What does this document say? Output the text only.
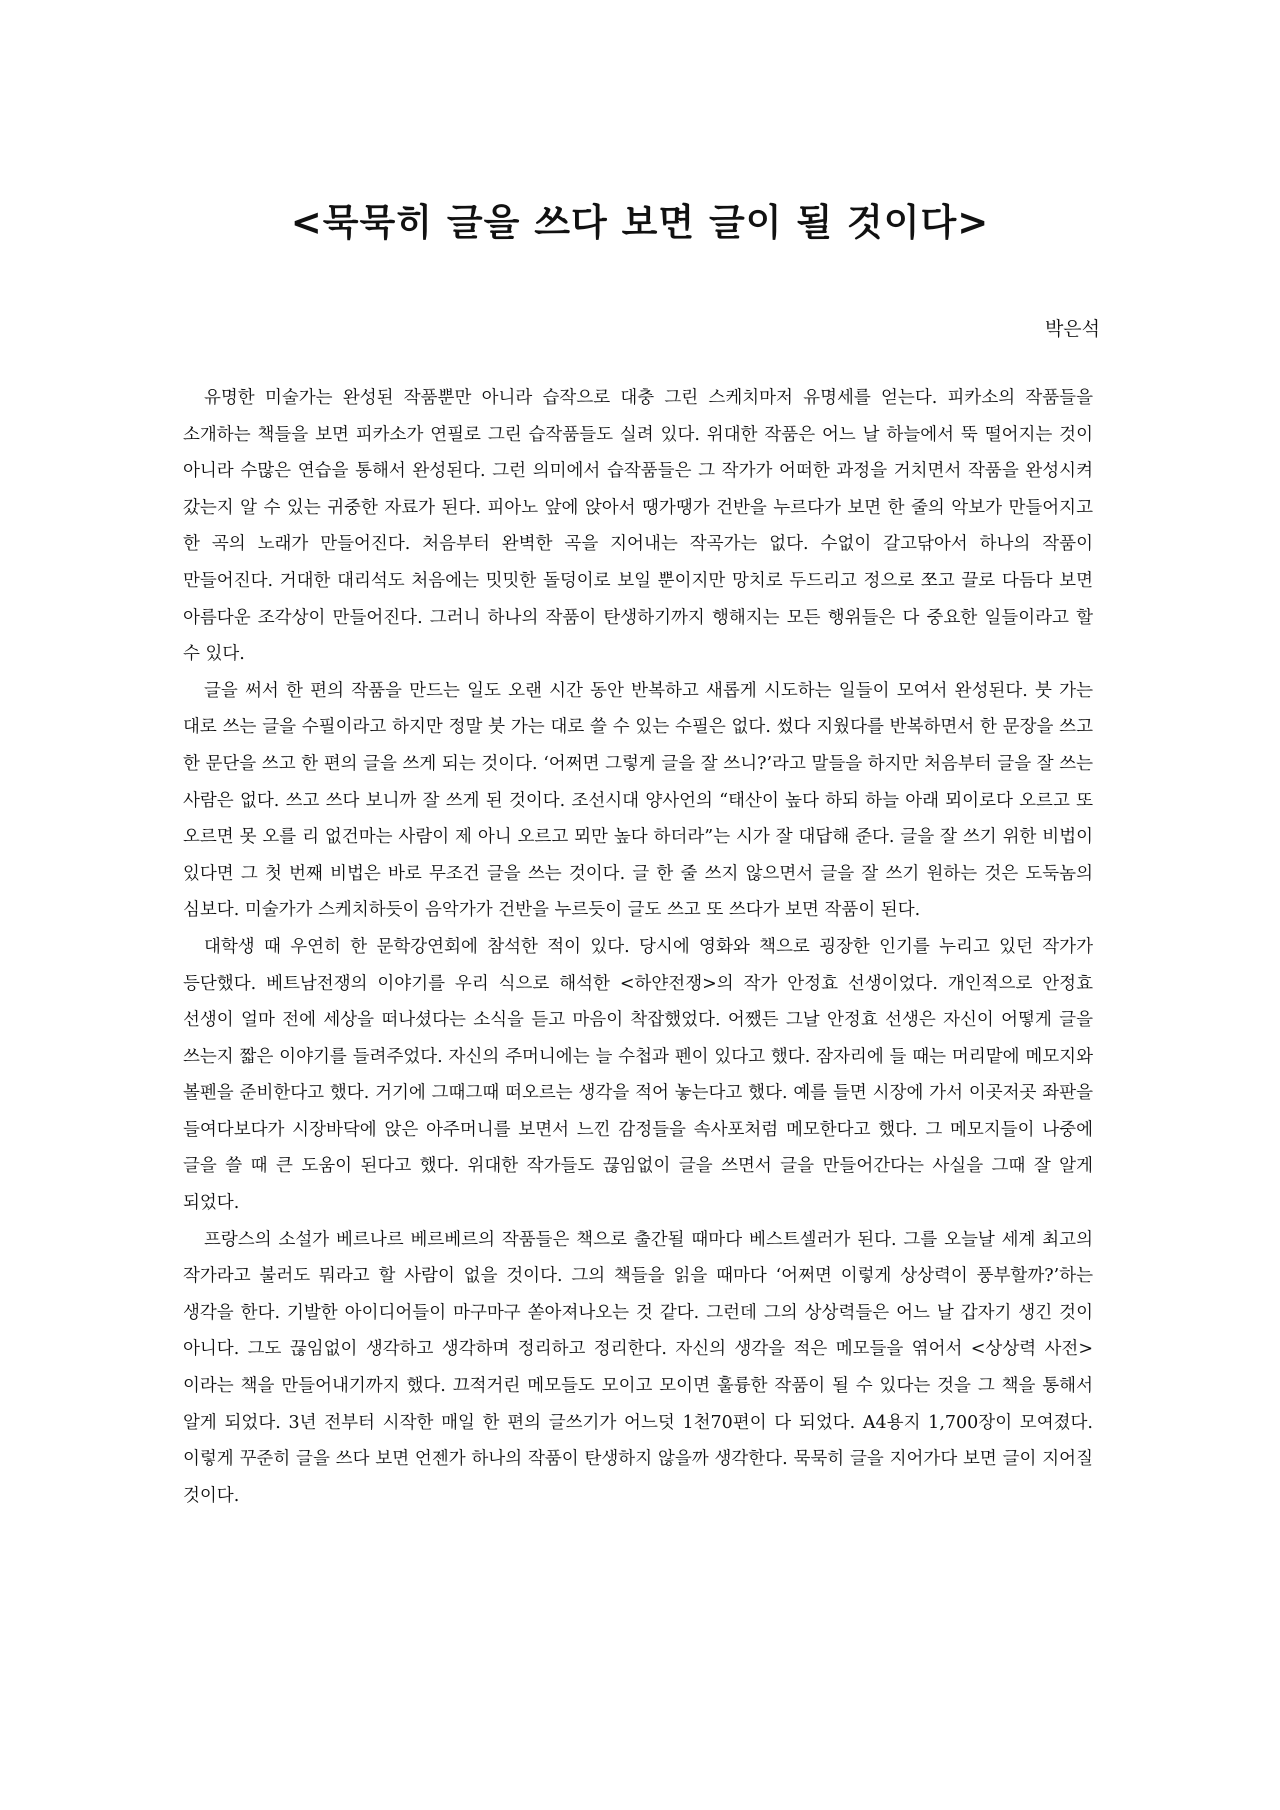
<묵묵히 글을 쓰다 보면 글이 될 것이다>

박은석

유명한 미술가는 완성된 작품뿐만 아니라 습작으로 대충 그린 스케치마저 유명세를 얻는다. 피카소의 작품들을 소개하는 책들을 보면 피카소가 연필로 그린 습작품들도 실려 있다. 위대한 작품은 어느 날 하늘에서 뚝 떨어지는 것이 아니라 수많은 연습을 통해서 완성된다. 그런 의미에서 습작품들은 그 작가가 어떠한 과정을 거치면서 작품을 완성시켜 갔는지 알 수 있는 귀중한 자료가 된다. 피아노 앞에 앉아서 땡가땡가 건반을 누르다가 보면 한 줄의 악보가 만들어지고 한 곡의 노래가 만들어진다. 처음부터 완벽한 곡을 지어내는 작곡가는 없다. 수없이 갈고닦아서 하나의 작품이 만들어진다. 거대한 대리석도 처음에는 밋밋한 돌덩이로 보일 뿐이지만 망치로 두드리고 정으로 쪼고 끌로 다듬다 보면 아름다운 조각상이 만들어진다. 그러니 하나의 작품이 탄생하기까지 행해지는 모든 행위들은 다 중요한 일들이라고 할 수 있다.

글을 써서 한 편의 작품을 만드는 일도 오랜 시간 동안 반복하고 새롭게 시도하는 일들이 모여서 완성된다. 붓 가는 대로 쓰는 글을 수필이라고 하지만 정말 붓 가는 대로 쓸 수 있는 수필은 없다. 썼다 지웠다를 반복하면서 한 문장을 쓰고 한 문단을 쓰고 한 편의 글을 쓰게 되는 것이다. ‘어쩌면 그렇게 글을 잘 쓰니?’라고 말들을 하지만 처음부터 글을 잘 쓰는 사람은 없다. 쓰고 쓰다 보니까 잘 쓰게 된 것이다. 조선시대 양사언의 “태산이 높다 하되 하늘 아래 뫼이로다 오르고 또 오르면 못 오를 리 없건마는 사람이 제 아니 오르고 뫼만 높다 하더라”는 시가 잘 대답해 준다. 글을 잘 쓰기 위한 비법이 있다면 그 첫 번째 비법은 바로 무조건 글을 쓰는 것이다. 글 한 줄 쓰지 않으면서 글을 잘 쓰기 원하는 것은 도둑놈의 심보다. 미술가가 스케치하듯이 음악가가 건반을 누르듯이 글도 쓰고 또 쓰다가 보면 작품이 된다.

대학생 때 우연히 한 문학강연회에 참석한 적이 있다. 당시에 영화와 책으로 굉장한 인기를 누리고 있던 작가가 등단했다. 베트남전쟁의 이야기를 우리 식으로 해석한 <하얀전쟁>의 작가 안정효 선생이었다. 개인적으로 안정효 선생이 얼마 전에 세상을 떠나셨다는 소식을 듣고 마음이 착잡했었다. 어쨌든 그날 안정효 선생은 자신이 어떻게 글을 쓰는지 짧은 이야기를 들려주었다. 자신의 주머니에는 늘 수첩과 펜이 있다고 했다. 잠자리에 들 때는 머리맡에 메모지와 볼펜을 준비한다고 했다. 거기에 그때그때 떠오르는 생각을 적어 놓는다고 했다. 예를 들면 시장에 가서 이곳저곳 좌판을 들여다보다가 시장바닥에 앉은 아주머니를 보면서 느낀 감정들을 속사포처럼 메모한다고 했다. 그 메모지들이 나중에 글을 쓸 때 큰 도움이 된다고 했다. 위대한 작가들도 끊임없이 글을 쓰면서 글을 만들어간다는 사실을 그때 잘 알게 되었다.

프랑스의 소설가 베르나르 베르베르의 작품들은 책으로 출간될 때마다 베스트셀러가 된다. 그를 오늘날 세계 최고의 작가라고 불러도 뭐라고 할 사람이 없을 것이다. 그의 책들을 읽을 때마다 ‘어쩌면 이렇게 상상력이 풍부할까?’하는 생각을 한다. 기발한 아이디어들이 마구마구 쏟아져나오는 것 같다. 그런데 그의 상상력들은 어느 날 갑자기 생긴 것이 아니다. 그도 끊임없이 생각하고 생각하며 정리하고 정리한다. 자신의 생각을 적은 메모들을 엮어서 <상상력 사전>이라는 책을 만들어내기까지 했다. 끄적거린 메모들도 모이고 모이면 훌륭한 작품이 될 수 있다는 것을 그 책을 통해서 알게 되었다. 3년 전부터 시작한 매일 한 편의 글쓰기가 어느덧 1천70편이 다 되었다. A4용지 1,700장이 모여졌다. 이렇게 꾸준히 글을 쓰다 보면 언젠가 하나의 작품이 탄생하지 않을까 생각한다. 묵묵히 글을 지어가다 보면 글이 지어질 것이다.
